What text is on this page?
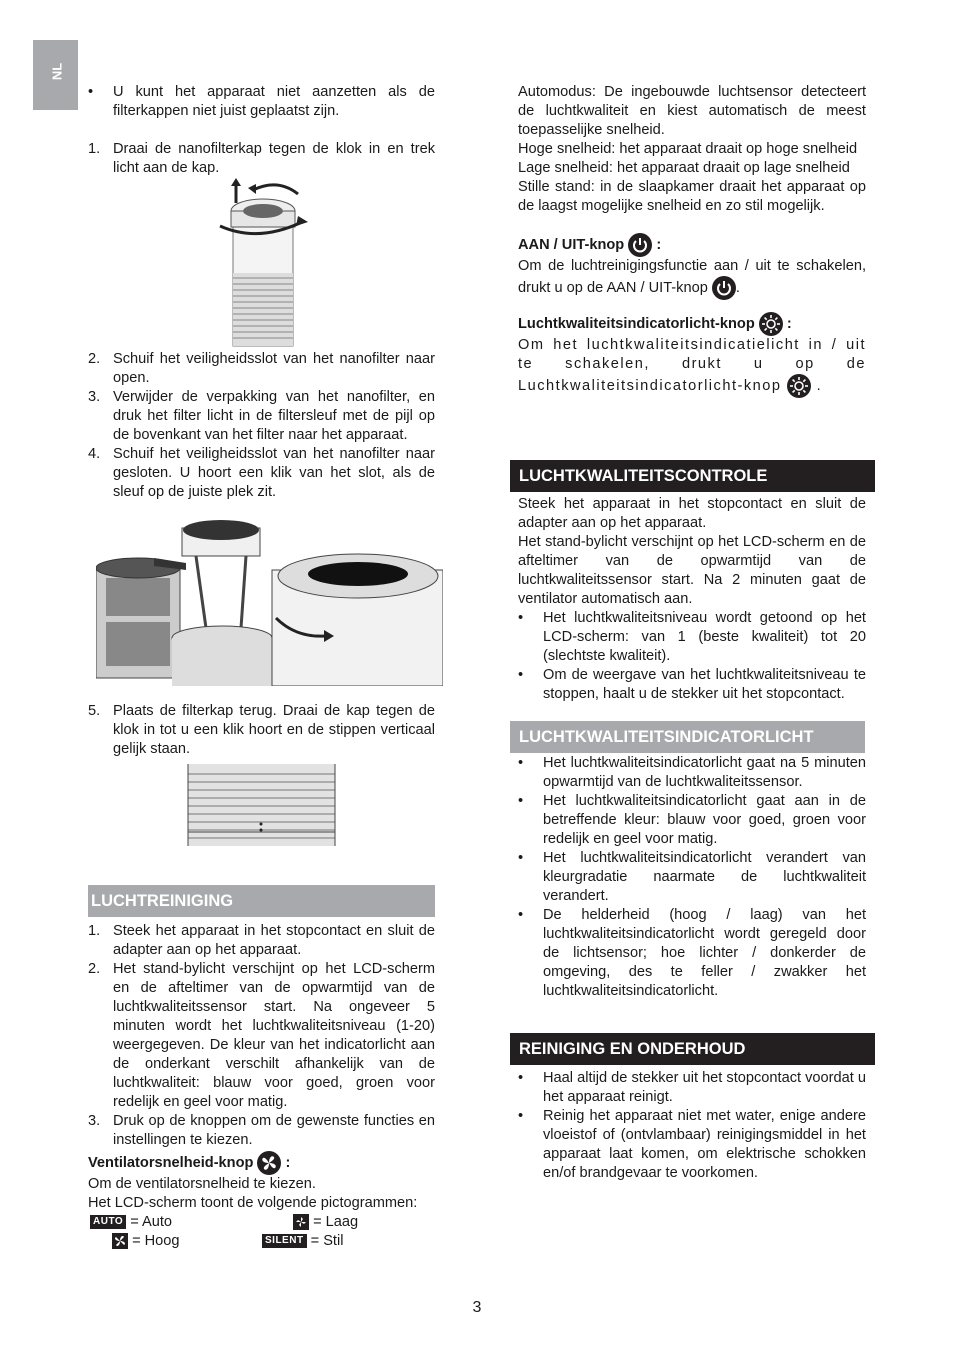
NL
• U kunt het apparaat niet aanzetten als de filterkappen niet juist geplaatst zijn.
1. Draai de nanofilterkap tegen de klok in en trek licht aan de kap.
2. Schuif het veiligheidsslot van het nanofilter naar open.
3. Verwijder de verpakking van het nanofilter, en druk het filter licht in de filtersleuf met de pijl op de bovenkant van het filter naar het apparaat.
4. Schuif het veiligheidsslot van het nanofilter naar gesloten. U hoort een klik van het slot, als de sleuf op de juiste plek zit.
5. Plaats de filterkap terug. Draai de kap tegen de klok in tot u een klik hoort en de stippen verticaal gelijk staan.
LUCHTREINIGING
1. Steek het apparaat in het stopcontact en sluit de adapter aan op het apparaat.
2. Het stand-bylicht verschijnt op het LCD-scherm en de afteltimer van de opwarmtijd van de luchtkwaliteitssensor start. Na ongeveer 5 minuten wordt het luchtkwaliteitsniveau (1-20) weergegeven. De kleur van het indicatorlicht aan de onderkant verschilt afhankelijk van de luchtkwaliteit: blauw voor goed, groen voor redelijk en geel voor matig.
3. Druk op de knoppen om de gewenste functies en instellingen te kiezen.

Ventilatorsnelheid-knop :

Om de ventilatorsnelheid te kiezen.

Het LCD-scherm toont de volgende pictogrammen:

AUTO = Auto	= Laag
= Hoog	SILENT = Stil

Automodus: De ingebouwde luchtsensor detecteert de luchtkwaliteit en kiest automatisch de meest toepasselijke snelheid.

Hoge snelheid: het apparaat draait op hoge snelheid

Lage snelheid: het apparaat draait op lage snelheid

Stille stand: in de slaapkamer draait het apparaat op de laagst mogelijke snelheid en zo stil mogelijk.

AAN / UIT-knop :

Om de luchtreinigingsfunctie aan / uit te schakelen, drukt u op de AAN / UIT-knop .

Luchtkwaliteitsindicatorlicht-knop :

Om het luchtkwaliteitsindicatielicht in / uit te schakelen, drukt u op de Luchtkwaliteitsindicatorlicht-knop .

LUCHTKWALITEITSCONTROLE

Steek het apparaat in het stopcontact en sluit de adapter aan op het apparaat.

Het stand-bylicht verschijnt op het LCD-scherm en de afteltimer van de opwarmtijd van de luchtkwaliteitssensor start. Na 2 minuten gaat de ventilator automatisch aan.

• Het luchtkwaliteitsniveau wordt getoond op het LCD-scherm: van 1 (beste kwaliteit) tot 20 (slechtste kwaliteit).
• Om de weergave van het luchtkwaliteitsniveau te stoppen, haalt u de stekker uit het stopcontact.
LUCHTKWALITEITSINDICATORLICHT
• Het luchtkwaliteitsindicatorlicht gaat na 5 minuten opwarmtijd van de luchtkwaliteitssensor.
• Het luchtkwaliteitsindicatorlicht gaat aan in de betreffende kleur: blauw voor goed, groen voor redelijk en geel voor matig.
• Het luchtkwaliteitsindicatorlicht verandert van kleurgradatie naarmate de luchtkwaliteit verandert.
• De helderheid (hoog / laag) van het luchtkwaliteitsindicatorlicht wordt geregeld door de lichtsensor; hoe lichter / donkerder de omgeving, des te feller / zwakker het luchtkwaliteitsindicatorlicht.
REINIGING EN ONDERHOUD
• Haal altijd de stekker uit het stopcontact voordat u het apparaat reinigt.
• Reinig het apparaat niet met water, enige andere vloeistof of (ontvlambaar) reinigingsmiddel in het apparaat laat komen, om elektrische schokken en/of brandgevaar te voorkomen.
3
